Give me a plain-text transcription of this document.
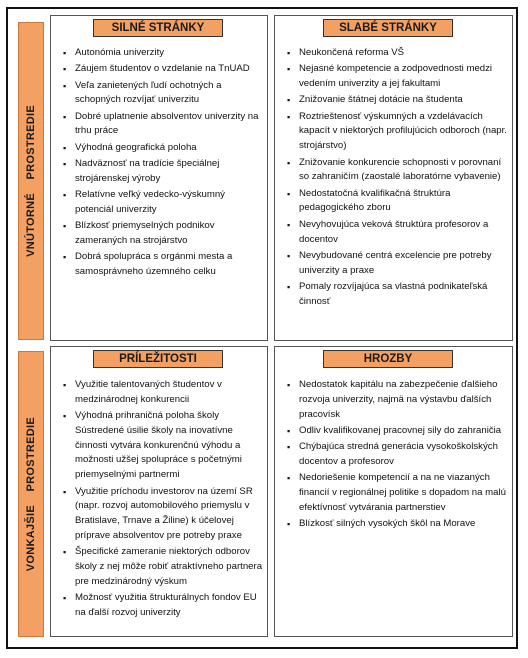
VNÚTORNÉ    PROSTREDIE
VONKAJŠIE    PROSTREDIE
SILNÉ STRÁNKY
▪ Autonómia univerzity
▪ Záujem študentov o vzdelanie na TnUAD
▪ Veľa zanietených ľudí ochotných a schopných rozvíjať univerzitu
▪ Dobré uplatnenie absolventov univerzity na trhu práce
▪ Výhodná geografická poloha
▪ Nadväznosť na tradície špeciálnej strojárenskej výroby
▪ Relatívne veľký vedecko-výskumný potenciál univerzity
▪ Blízkosť priemyselných podnikov zameraných na strojárstvo
▪ Dobrá spolupráca s orgánmi mesta a samosprávneho územného celku
SLABÉ STRÁNKY
▪ Neukončená reforma VŠ
▪ Nejasné kompetencie a zodpovednosti medzi vedením univerzity a jej fakultami
▪ Znižovanie štátnej dotácie na študenta
▪ Roztrieštenosť výskumných a vzdelávacích kapacít v niektorých profilujúcich odboroch (napr. strojárstvo)
▪ Znižovanie konkurencie schopnosti v porovnaní so zahraničím (zaostalé laboratórne vybavenie)
▪ Nedostatočná kvalifikačná štruktúra pedagogického zboru
▪ Nevyhovujúca veková štruktúra profesorov a docentov
▪ Nevybudované centrá excelencie pre potreby univerzity a praxe
▪ Pomaly rozvíjajúca sa vlastná podnikateľská činnosť
PRÍLEŽITOSTI
▪ Využitie talentovaných študentov v medzinárodnej konkurencii
▪ Výhodná prihraničná poloha školy Sústredené úsilie školy na inovatívne činnosti vytvára konkurenčnú výhodu a možnosti užšej spolupráce s početnými priemyselnými partnermi
▪ Využitie príchodu investorov na území SR (napr. rozvoj automobilového priemyslu v Bratislave, Trnave a Žiline) k účelovej príprave absolventov pre potreby praxe
▪ Špecifické zameranie niektorých odborov školy z nej môže robiť atraktívneho partnera pre medzinárodný výskum
▪ Možnosť využitia štrukturálnych fondov EU na ďalší rozvoj univerzity
HROZBY
▪ Nedostatok kapitálu na zabezpečenie ďalšieho rozvoja univerzity, najmä na výstavbu ďalších pracovísk
▪ Odliv kvalifikovanej pracovnej sily do zahraničia
▪ Chýbajúca stredná generácia vysokoškolských docentov a profesorov
▪ Nedoriešenie kompetencií a na ne viazaných financií v regionálnej politike s dopadom na malú efektívnosť vytvárania partnerstiev
▪ Blízkosť silných vysokých škôl na Morave
